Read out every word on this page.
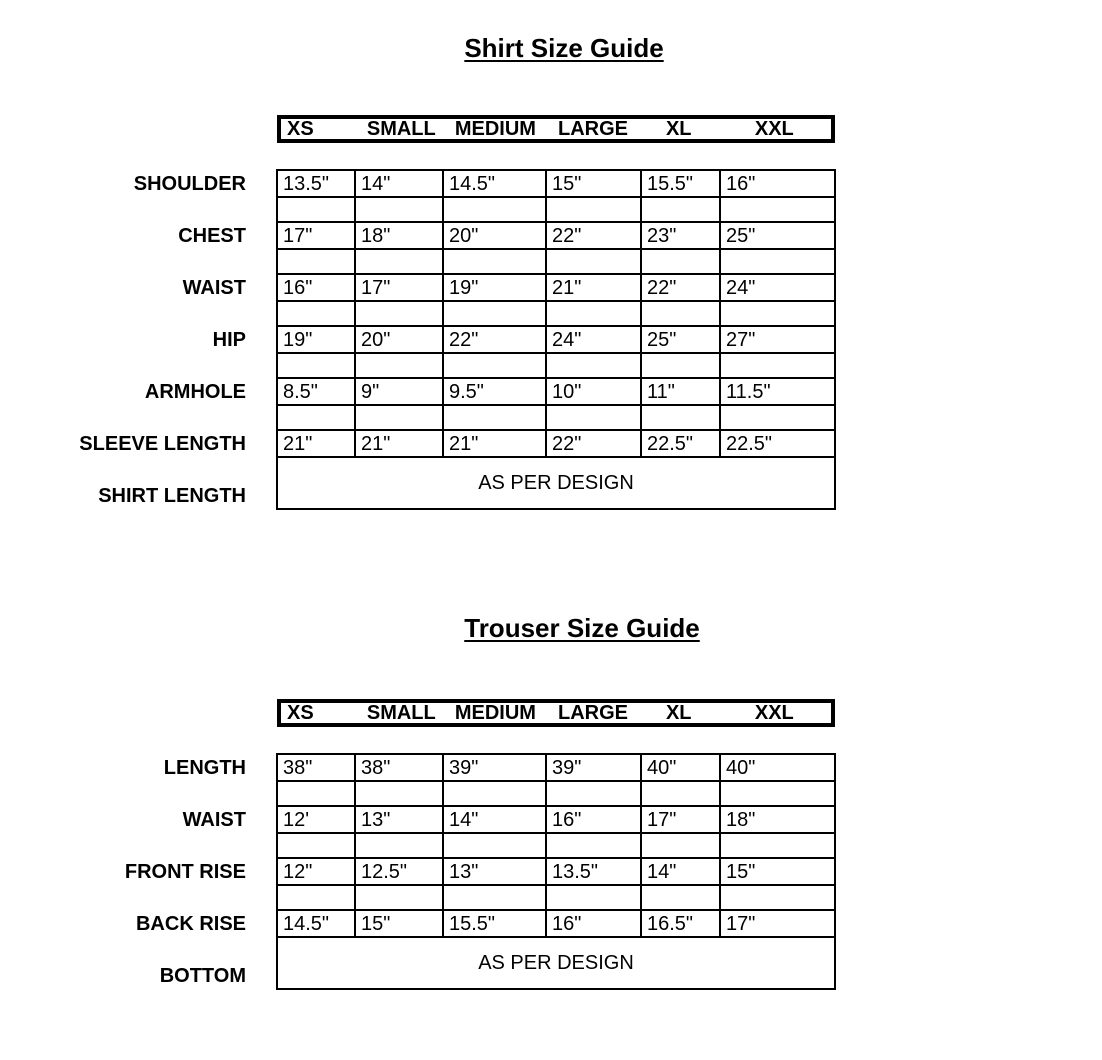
Shirt Size Guide
XS	SMALL MEDIUM	LARGE	XL	XXL
SHOULDER	13.5"	14"	14.5"	15"	15.5"	16"

CHEST	17"	18"	20"	22"	23"	25"

WAIST	16"	17"	19"	21"	22"	24"

HIP	19"	20"	22"	24"	25"	27"

ARMHOLE	8.5"	9"	9.5"	10"	11"	11.5"

SLEEVE LENGTH	21"	21"	21"	22"	22.5"	22.5"
SHIRT LENGTH	AS PER DESIGN					
Trouser Size Guide
XS	SMALL MEDIUM	LARGE	XL	XXL
LENGTH	38"	38"	39"	39"	40"	40"

WAIST	12'	13"	14"	16"	17"	18"

FRONT RISE	12"	12.5"	13"	13.5"	14"	15"

BACK RISE	14.5"	15"	15.5"	16"	16.5"	17"
BOTTOM	AS PER DESIGN					
